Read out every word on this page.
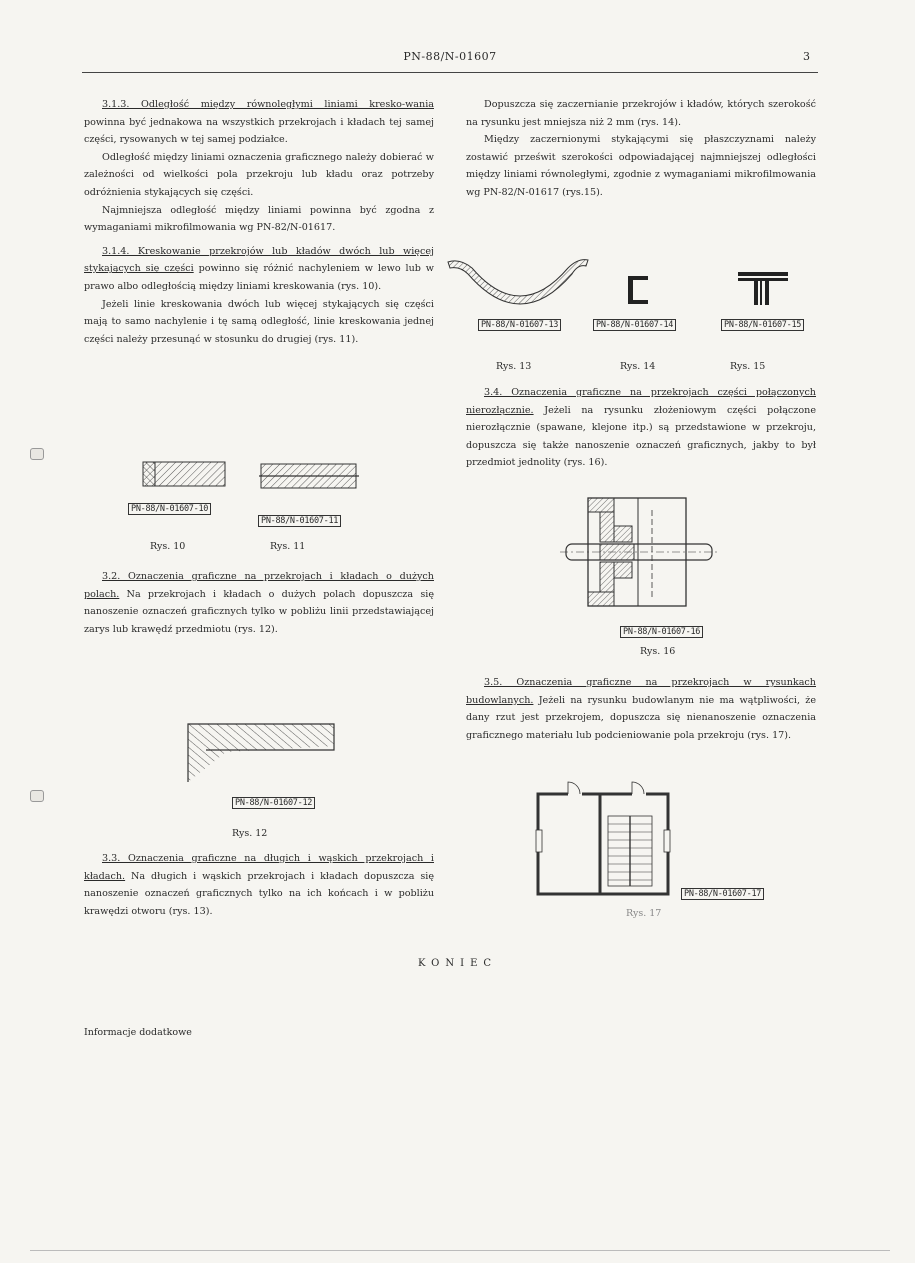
PN-88/N-01607	3

3.1.3. Odległość między równoległymi liniami kresko-wania powinna być jednakowa na wszystkich przekrojach i kładach tej samej części, rysowanych w tej samej podziałce.

Odległość między liniami oznaczenia graficznego należy dobierać w zależności od wielkości pola przekroju lub kładu oraz potrzeby odróżnienia stykających się części.

Najmniejsza odległość między liniami powinna być zgodna z wymaganiami mikrofilmowania wg PN-82/N-01617.

3.1.4. Kreskowanie przekrojów lub kładów dwóch lub więcej stykających się części powinno się różnić nachyleniem w lewo lub w prawo albo odległością między liniami kreskowania (rys. 10).

Jeżeli linie kreskowania dwóch lub więcej stykających się części mają to samo nachylenie i tę samą odległość, linie kreskowania jednej części należy przesunąć w stosunku do drugiej (rys. 11).

PN-88/N-01607-10
PN-88/N-01607-11
Rys. 10	Rys. 11

3.2. Oznaczenia graficzne na przekrojach i kładach o dużych polach. Na przekrojach i kładach o dużych polach dopuszcza się nanoszenie oznaczeń graficznych tylko w pobliżu linii przedstawiającej zarys lub krawędź przedmiotu (rys. 12).

PN-88/N-01607-12
Rys. 12

3.3. Oznaczenia graficzne na długich i wąskich przekrojach i kładach. Na długich i wąskich przekrojach i kładach dopuszcza się nanoszenie oznaczeń graficznych tylko na ich końcach i w pobliżu krawędzi otworu (rys. 13).

Dopuszcza się zaczernianie przekrojów i kładów, których szerokość na rysunku jest mniejsza niż 2 mm (rys. 14).

Między zaczernionymi stykającymi się płaszczyznami należy zostawić prześwit szerokości odpowiadającej najmniejszej odległości między liniami równoległymi, zgodnie z wymaganiami mikrofilmowania wg PN-82/N-01617 (rys.15).

PN-88/N-01607-13	PN-88/N-01607-14	PN-88/N-01607-15
Rys. 13	Rys. 14	Rys. 15

3.4. Oznaczenia graficzne na przekrojach części połączonych nierozłącznie. Jeżeli na rysunku złożeniowym części połączone nierozłącznie (spawane, klejone itp.) są przedstawione w przekroju, dopuszcza się także nanoszenie oznaczeń graficznych, jakby to był przedmiot jednolity (rys. 16).

PN-88/N-01607-16
Rys. 16

3.5. Oznaczenia graficzne na przekrojach w rysunkach budowlanych. Jeżeli na rysunku budowlanym nie ma wątpliwości, że dany rzut jest przekrojem, dopuszcza się nienanoszenie oznaczenia graficznego materiału lub podcieniowanie pola przekroju (rys. 17).

PN-88/N-01607-17
Rys. 17
KONIEC
Informacje dodatkowe
